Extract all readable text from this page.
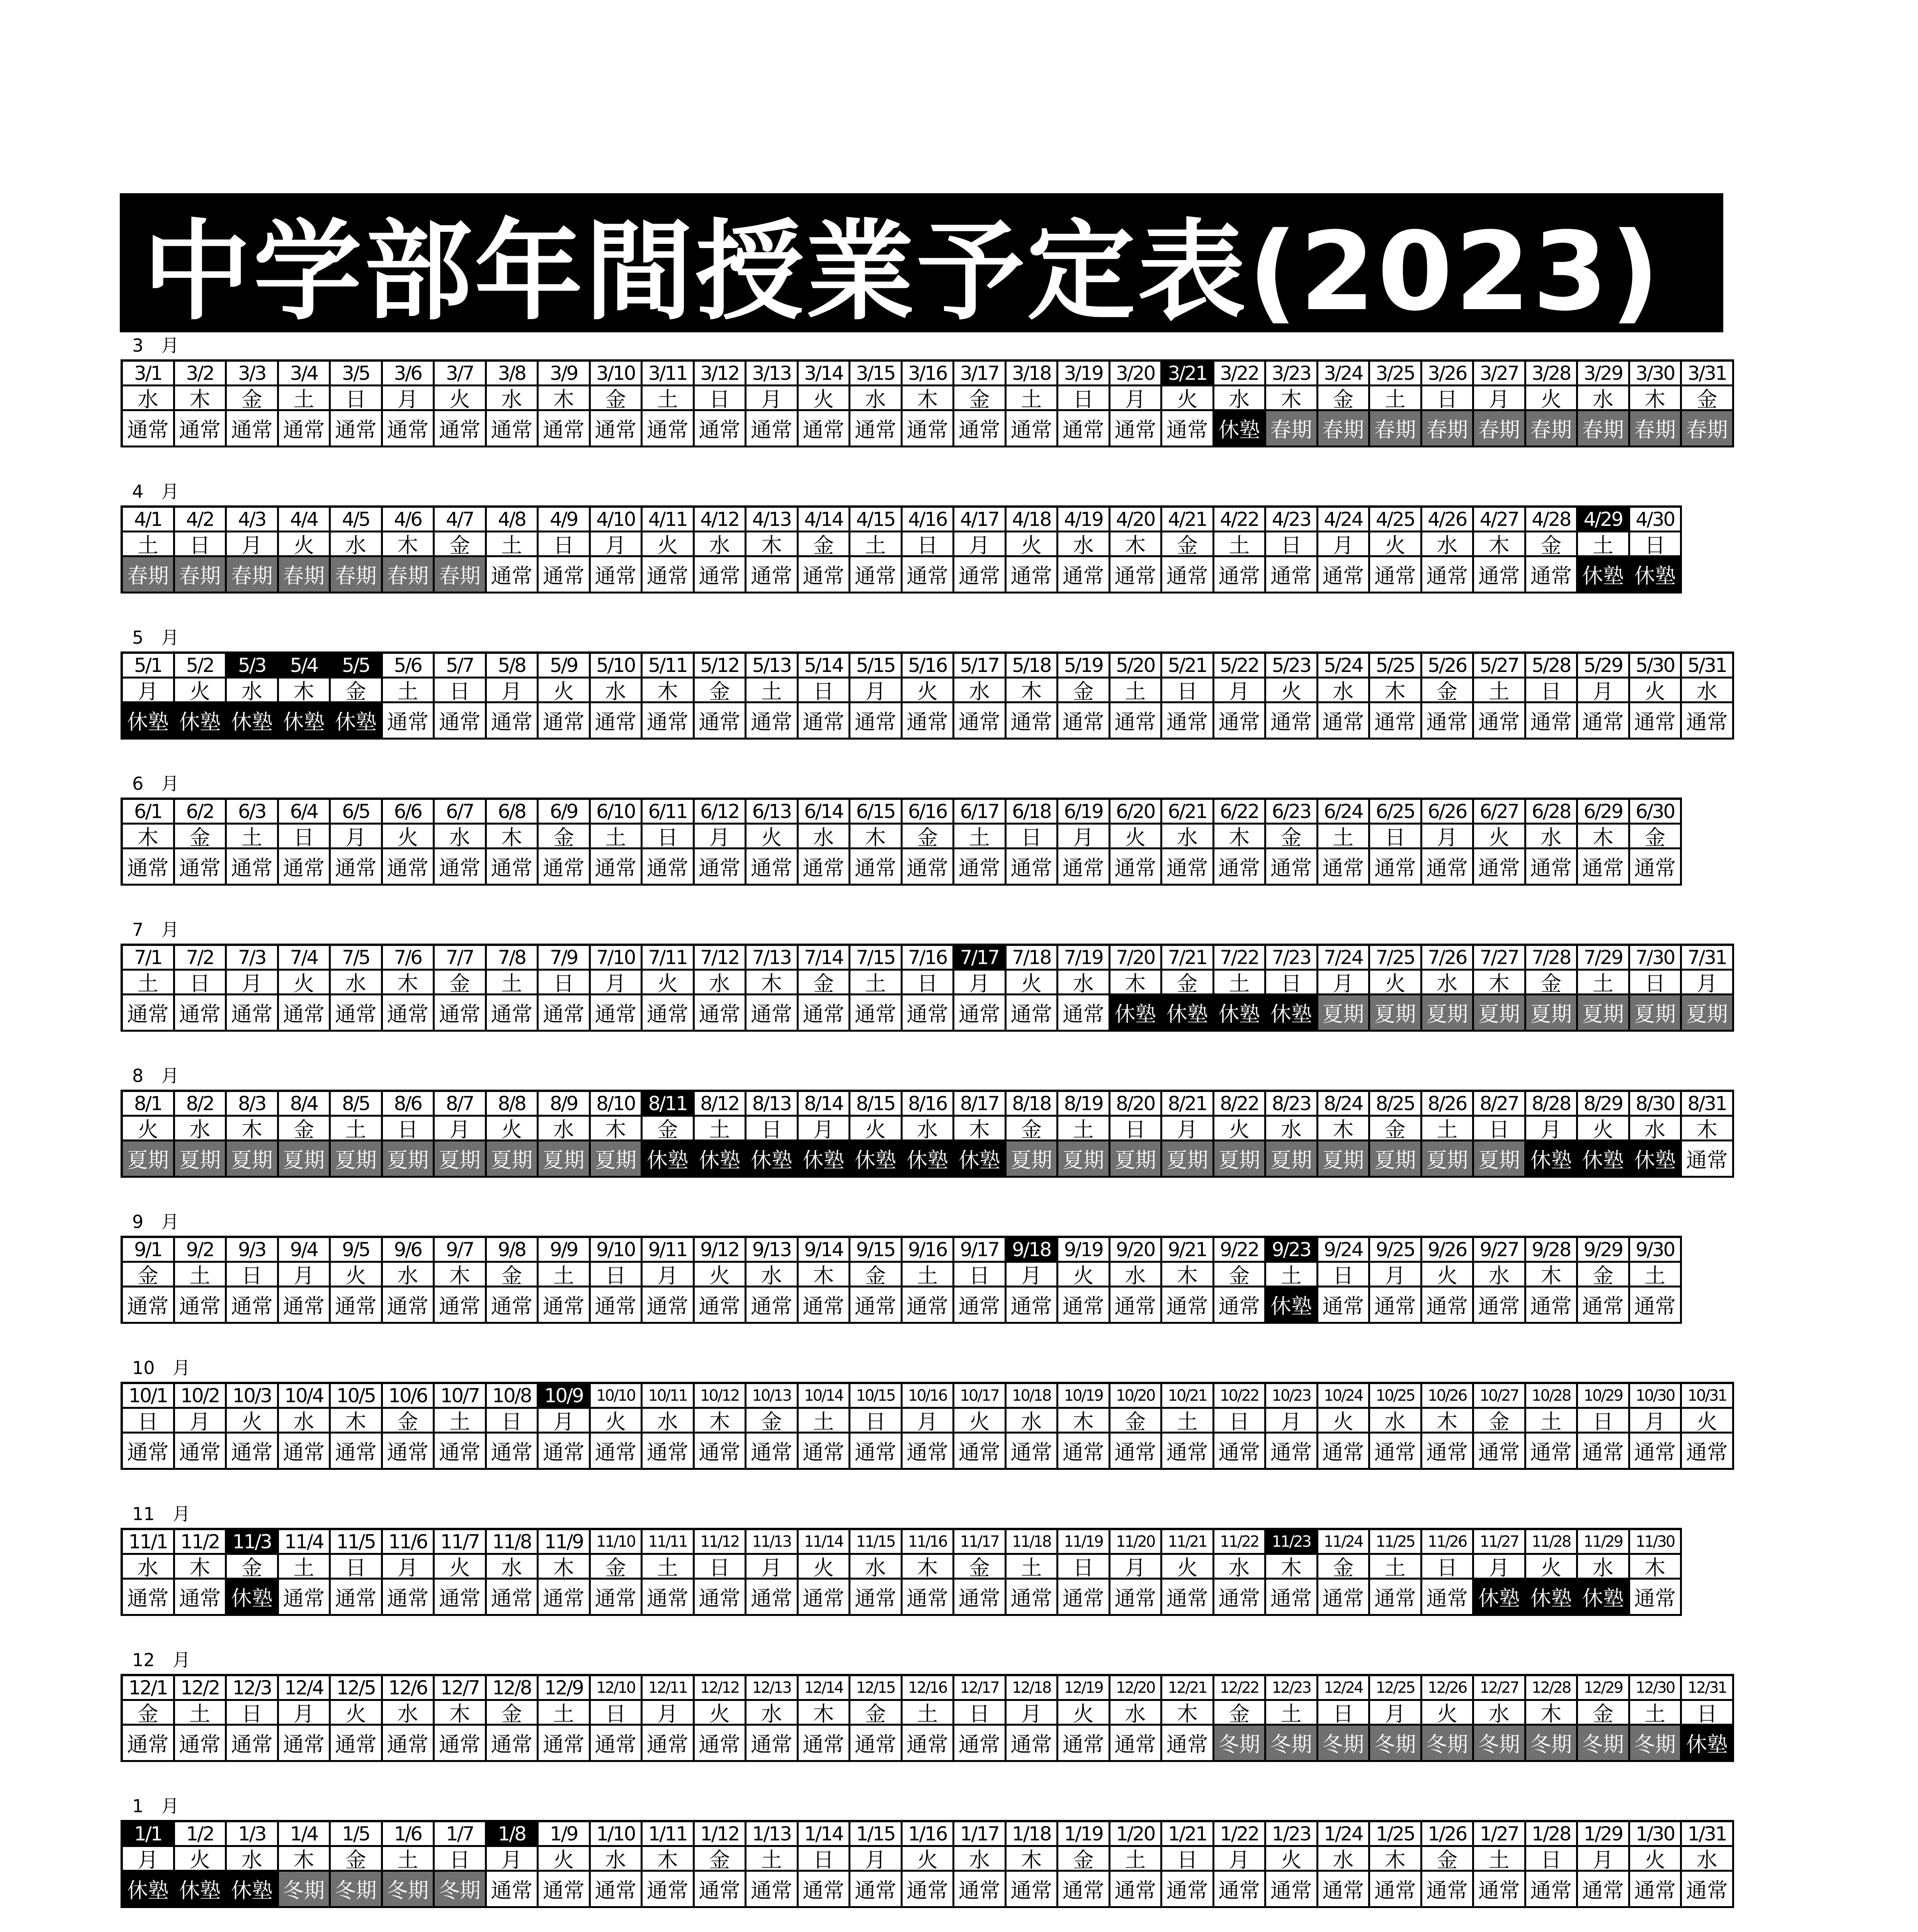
中学部年間授業予定表(2023)
3　月
3/1	3/2	3/3	3/4	3/5	3/6	3/7	3/8	3/9 3/10 3/11 3/12 3/13 3/14 3/15 3/16 3/17 3/18 3/19 3/20 3/21 3/22 3/23 3/24 3/25 3/26 3/27 3/28 3/29 3/30 3/31
水	木	金	土	日	月	火	水	木	金	土	日	月	火	水	木	金	土	日	月	火	水	木	金	土	日	月	火	水	木	金
通常 通常 通常 通常 通常 通常 通常 通常 通常 通常 通常 通常 通常 通常 通常 通常 通常 通常 通常 通常 通常 休塾 春期 春期 春期 春期 春期 春期 春期 春期 春期
4　月
4/1	4/2	4/3	4/4	4/5	4/6	4/7	4/8	4/9 4/10 4/11 4/12 4/13 4/14 4/15 4/16 4/17 4/18 4/19 4/20 4/21 4/22 4/23 4/24 4/25 4/26 4/27 4/28 4/29 4/30
土	日	月	火	水	木	金	土	日	月	火	水	木	金	土	日	月	火	水	木	金	土	日	月	火	水	木	金	土	日
春期 春期 春期 春期 春期 春期 春期 通常 通常 通常 通常 通常 通常 通常 通常 通常 通常 通常 通常 通常 通常 通常 通常 通常 通常 通常 通常 通常 休塾 休塾
5　月
5/1	5/2	5/3	5/4	5/5	5/6	5/7	5/8	5/9 5/10 5/11 5/12 5/13 5/14 5/15 5/16 5/17 5/18 5/19 5/20 5/21 5/22 5/23 5/24 5/25 5/26 5/27 5/28 5/29 5/30 5/31
月	火	水	木	金	土	日	月	火	水	木	金	土	日	月	火	水	木	金	土	日	月	火	水	木	金	土	日	月	火	水
休塾 休塾 休塾 休塾 休塾 通常 通常 通常 通常 通常 通常 通常 通常 通常 通常 通常 通常 通常 通常 通常 通常 通常 通常 通常 通常 通常 通常 通常 通常 通常 通常
6　月
6/1	6/2	6/3	6/4	6/5	6/6	6/7	6/8	6/9 6/10 6/11 6/12 6/13 6/14 6/15 6/16 6/17 6/18 6/19 6/20 6/21 6/22 6/23 6/24 6/25 6/26 6/27 6/28 6/29 6/30
木	金	土	日	月	火	水	木	金	土	日	月	火	水	木	金	土	日	月	火	水	木	金	土	日	月	火	水	木	金
通常 通常 通常 通常 通常 通常 通常 通常 通常 通常 通常 通常 通常 通常 通常 通常 通常 通常 通常 通常 通常 通常 通常 通常 通常 通常 通常 通常 通常 通常
7　月
7/1	7/2	7/3	7/4	7/5	7/6	7/7	7/8	7/9 7/10 7/11 7/12 7/13 7/14 7/15 7/16 7/17 7/18 7/19 7/20 7/21 7/22 7/23 7/24 7/25 7/26 7/27 7/28 7/29 7/30 7/31
土	日	月	火	水	木	金	土	日	月	火	水	木	金	土	日	月	火	水	木	金	土	日	月	火	水	木	金	土	日	月
通常 通常 通常 通常 通常 通常 通常 通常 通常 通常 通常 通常 通常 通常 通常 通常 通常 通常 通常 休塾 休塾 休塾 休塾 夏期 夏期 夏期 夏期 夏期 夏期 夏期 夏期
8　月
8/1	8/2	8/3	8/4	8/5	8/6	8/7	8/8	8/9 8/10 8/11 8/12 8/13 8/14 8/15 8/16 8/17 8/18 8/19 8/20 8/21 8/22 8/23 8/24 8/25 8/26 8/27 8/28 8/29 8/30 8/31
火	水	木	金	土	日	月	火	水	木	金	土	日	月	火	水	木	金	土	日	月	火	水	木	金	土	日	月	火	水	木
夏期 夏期 夏期 夏期 夏期 夏期 夏期 夏期 夏期 夏期 休塾 休塾 休塾 休塾 休塾 休塾 休塾 夏期 夏期 夏期 夏期 夏期 夏期 夏期 夏期 夏期 夏期 休塾 休塾 休塾 通常
9　月
9/1	9/2	9/3	9/4	9/5	9/6	9/7	9/8	9/9 9/10 9/11 9/12 9/13 9/14 9/15 9/16 9/17 9/18 9/19 9/20 9/21 9/22 9/23 9/24 9/25 9/26 9/27 9/28 9/29 9/30
金	土	日	月	火	水	木	金	土	日	月	火	水	木	金	土	日	月	火	水	木	金	土	日	月	火	水	木	金	土
通常 通常 通常 通常 通常 通常 通常 通常 通常 通常 通常 通常 通常 通常 通常 通常 通常 通常 通常 通常 通常 通常 休塾 通常 通常 通常 通常 通常 通常 通常
10　月
10/1 10/2 10/3 10/4 10/5 10/6 10/7 10/8 10/9 10/10 10/11 10/12 10/13 10/14 10/15 10/16 10/17 10/18 10/19 10/20 10/21 10/22 10/23 10/24 10/25 10/26 10/27 10/28 10/29 10/30 10/31
日	月	火	水	木	金	土	日	月	火	水	木	金	土	日	月	火	水	木	金	土	日	月	火	水	木	金	土	日	月	火
通常 通常 通常 通常 通常 通常 通常 通常 通常 通常 通常 通常 通常 通常 通常 通常 通常 通常 通常 通常 通常 通常 通常 通常 通常 通常 通常 通常 通常 通常 通常
11　月
11/1 11/2 11/3 11/4 11/5 11/6 11/7 11/8 11/9 11/10 11/11 11/12 11/13 11/14 11/15 11/16 11/17 11/18 11/19 11/20 11/21 11/22 11/23 11/24 11/25 11/26 11/27 11/28 11/29 11/30
水	木	金	土	日	月	火	水	木	金	土	日	月	火	水	木	金	土	日	月	火	水	木	金	土	日	月	火	水	木
通常 通常 休塾 通常 通常 通常 通常 通常 通常 通常 通常 通常 通常 通常 通常 通常 通常 通常 通常 通常 通常 通常 通常 通常 通常 通常 休塾 休塾 休塾 通常
12　月
12/1 12/2 12/3 12/4 12/5 12/6 12/7 12/8 12/9 12/10 12/11 12/12 12/13 12/14 12/15 12/16 12/17 12/18 12/19 12/20 12/21 12/22 12/23 12/24 12/25 12/26 12/27 12/28 12/29 12/30 12/31
金	土	日	月	火	水	木	金	土	日	月	火	水	木	金	土	日	月	火	水	木	金	土	日	月	火	水	木	金	土	日
通常 通常 通常 通常 通常 通常 通常 通常 通常 通常 通常 通常 通常 通常 通常 通常 通常 通常 通常 通常 通常 冬期 冬期 冬期 冬期 冬期 冬期 冬期 冬期 冬期 休塾
1　月
1/1	1/2	1/3	1/4	1/5	1/6	1/7	1/8	1/9 1/10 1/11 1/12 1/13 1/14 1/15 1/16 1/17 1/18 1/19 1/20 1/21 1/22 1/23 1/24 1/25 1/26 1/27 1/28 1/29 1/30 1/31
月	火	水	木	金	土	日	月	火	水	木	金	土	日	月	火	水	木	金	土	日	月	火	水	木	金	土	日	月	火	水
休塾 休塾 休塾 冬期 冬期 冬期 冬期 通常 通常 通常 通常 通常 通常 通常 通常 通常 通常 通常 通常 通常 通常 通常 通常 通常 通常 通常 通常 通常 通常 通常 通常
